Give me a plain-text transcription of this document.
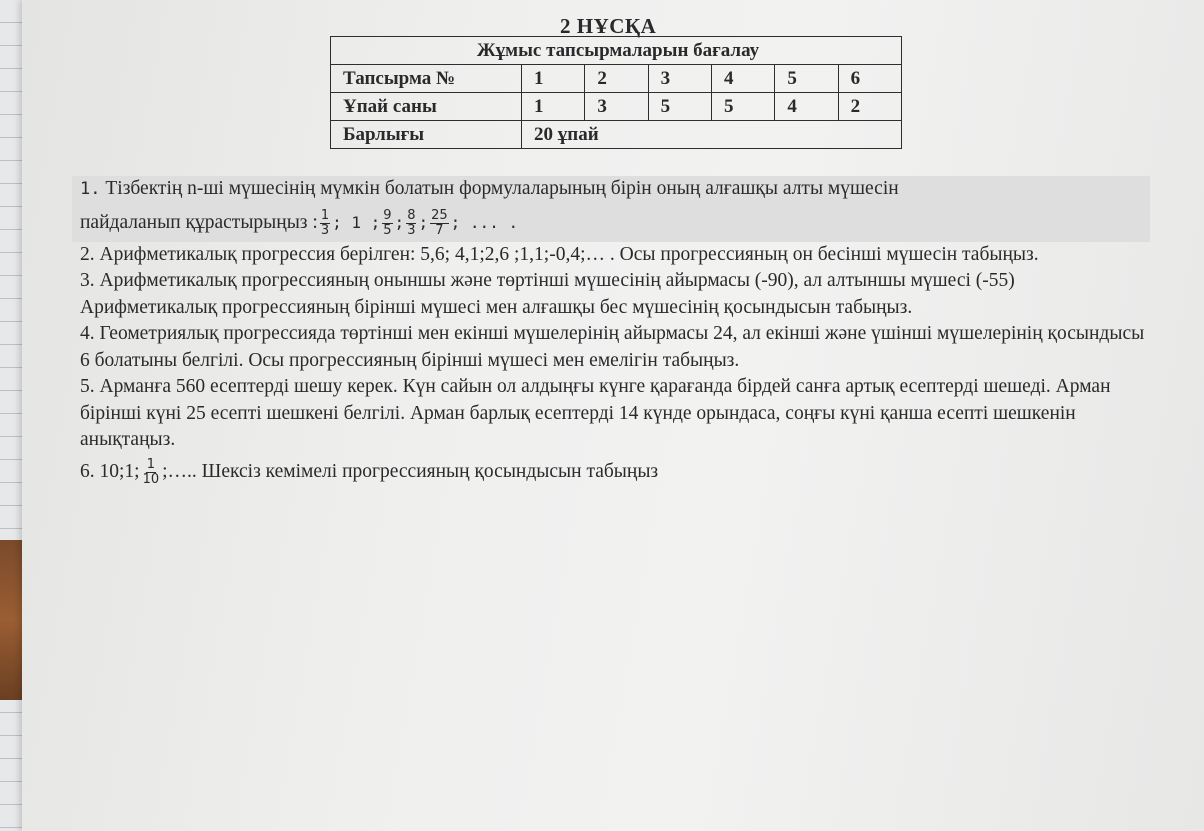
2 НҰСҚА
Жұмыс тапсырмаларын бағалау						
Тапсырма №	1	2	3	4	5	6
Ұпай саны	1	3	5	5	4	2
Барлығы	20 ұпай					
1. Тізбектің n-ші мүшесінің мүмкін болатын формулаларының бірін оның алғашқы алты мүшесін
пайдаланып құрастырыңыз : $\frac{1}{3}$ ; 1 ; $\frac{9}{5}$ ; $\frac{8}{3}$ ; $\frac{25}{7}$ ; ... .

2. Арифметикалық прогрессия берілген: 5,6; 4,1;2,6 ;1,1;-0,4;… . Осы прогрессияның он бесінші мүшесін табыңыз.

3. Арифметикалық прогрессияның оныншы және төртінші мүшесінің айырмасы (-90), ал алтыншы мүшесі (-55) Арифметикалық прогрессияның бірінші мүшесі мен алғашқы бес мүшесінің қосындысын табыңыз.

4. Геометриялық прогрессияда төртінші мен екінші мүшелерінің айырмасы 24, ал екінші және үшінші мүшелерінің қосындысы 6 болатыны белгілі. Осы прогрессияның бірінші мүшесі мен емелігін табыңыз.

5. Арманға 560 есептерді шешу керек. Күн сайын ол алдыңғы күнге қарағанда бірдей санға артық есептерді шешеді. Арман бірінші күні 25 есепті шешкені белгілі. Арман барлық есептерді 14 күнде орындаса, соңғы күні қанша есепті шешкенін анықтаңыз.

6. 10;1; $\frac{1}{10}$ ;….. Шексіз кемімелі прогрессияның қосындысын табыңыз
